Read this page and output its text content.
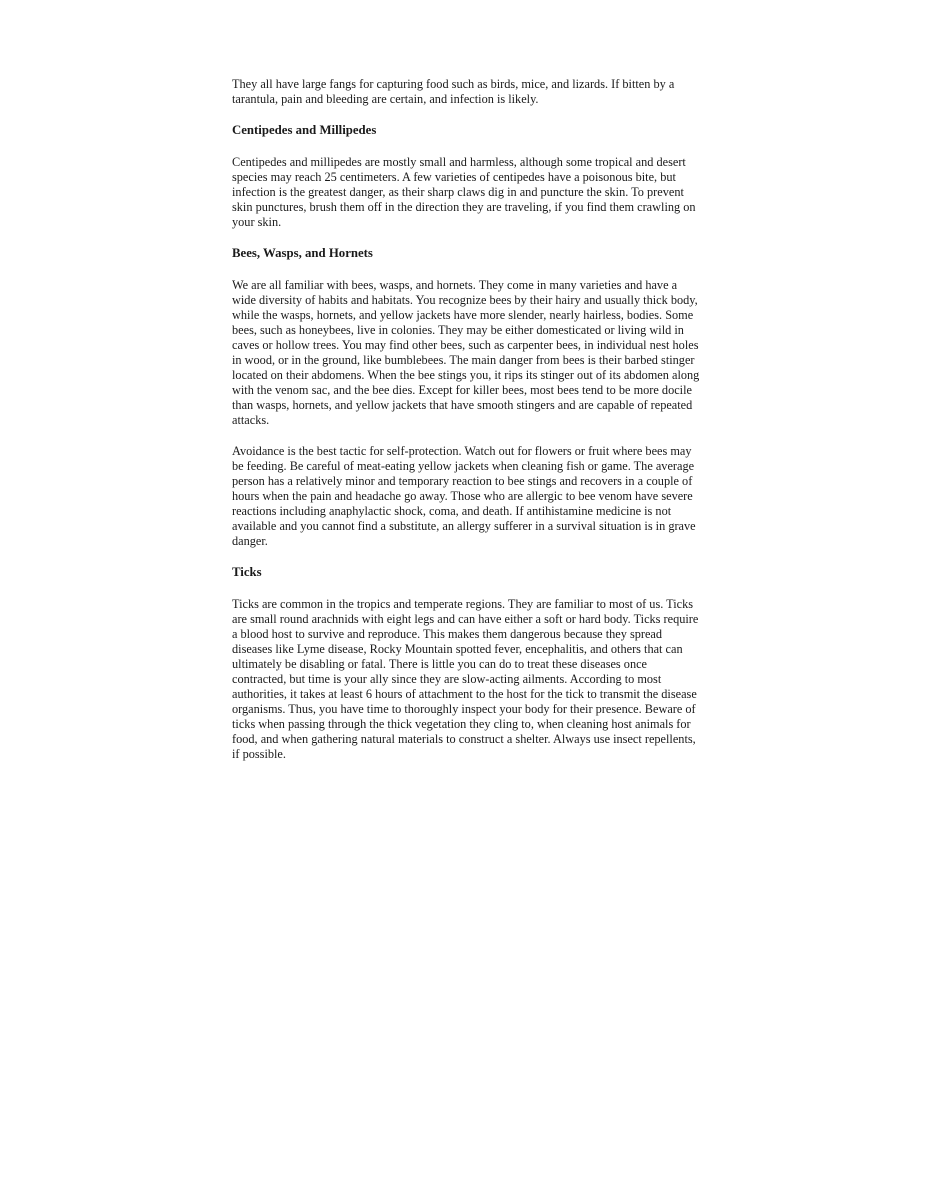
They all have large fangs for capturing food such as birds, mice, and lizards. If bitten by a tarantula, pain and bleeding are certain, and infection is likely.

Centipedes and Millipedes

Centipedes and millipedes are mostly small and harmless, although some tropical and desert species may reach 25 centimeters. A few varieties of centipedes have a poisonous bite, but infection is the greatest danger, as their sharp claws dig in and puncture the skin. To prevent skin punctures, brush them off in the direction they are traveling, if you find them crawling on your skin.

Bees, Wasps, and Hornets

We are all familiar with bees, wasps, and hornets. They come in many varieties and have a wide diversity of habits and habitats. You recognize bees by their hairy and usually thick body, while the wasps, hornets, and yellow jackets have more slender, nearly hairless, bodies. Some bees, such as honeybees, live in colonies. They may be either domesticated or living wild in caves or hollow trees. You may find other bees, such as carpenter bees, in individual nest holes in wood, or in the ground, like bumblebees. The main danger from bees is their barbed stinger located on their abdomens. When the bee stings you, it rips its stinger out of its abdomen along with the venom sac, and the bee dies. Except for killer bees, most bees tend to be more docile than wasps, hornets, and yellow jackets that have smooth stingers and are capable of repeated attacks.

Avoidance is the best tactic for self-protection. Watch out for flowers or fruit where bees may be feeding. Be careful of meat-eating yellow jackets when cleaning fish or game. The average person has a relatively minor and temporary reaction to bee stings and recovers in a couple of hours when the pain and headache go away. Those who are allergic to bee venom have severe reactions including anaphylactic shock, coma, and death. If antihistamine medicine is not available and you cannot find a substitute, an allergy sufferer in a survival situation is in grave danger.

Ticks

Ticks are common in the tropics and temperate regions. They are familiar to most of us. Ticks are small round arachnids with eight legs and can have either a soft or hard body. Ticks require a blood host to survive and reproduce. This makes them dangerous because they spread diseases like Lyme disease, Rocky Mountain spotted fever, encephalitis, and others that can ultimately be disabling or fatal. There is little you can do to treat these diseases once contracted, but time is your ally since they are slow-acting ailments. According to most authorities, it takes at least 6 hours of attachment to the host for the tick to transmit the disease organisms. Thus, you have time to thoroughly inspect your body for their presence. Beware of ticks when passing through the thick vegetation they cling to, when cleaning host animals for food, and when gathering natural materials to construct a shelter. Always use insect repellents, if possible.
